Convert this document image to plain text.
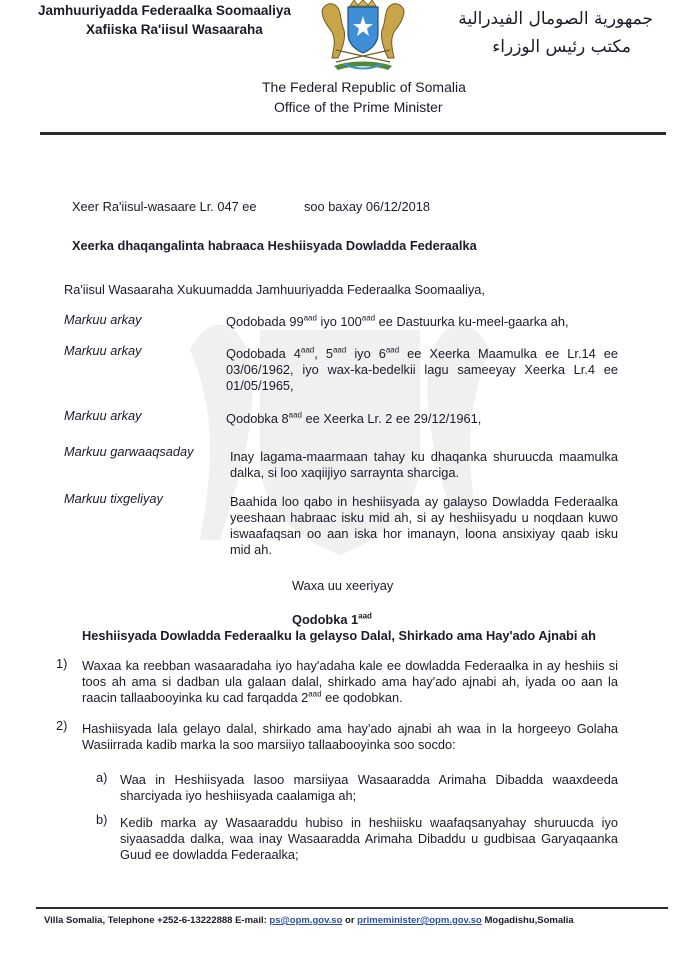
Jamhuuriyadda Federaalka Soomaaliya
Xafiiska Ra'iisul Wasaaraha
جمهورية الصومال الفيدرالية
مكتب رئيس الوزراء
The Federal Republic of Somalia
Office of the Prime Minister
Xeer Ra'iisul-wasaare Lr. 047 ee	soo baxay 06/12/2018
Xeerka dhaqangalinta habraaca Heshiisyada Dowladda Federaalka
Ra'iisul Wasaaraha Xukuumadda Jamhuuriyadda Federaalka Soomaaliya,
Markuu arkay	Qodobada $99^{aad}$ iyo $100^{aad}$ ee Dastuurka ku-meel-gaarka ah,
Markuu arkay	Qodobada $4^{aad}$, $5^{aad}$ iyo $6^{aad}$ ee Xeerka Maamulka ee Lr.14 ee 03/06/1962, iyo wax-ka-bedelkii lagu sameeyay Xeerka Lr.4 ee 01/05/1965,
Markuu arkay	Qodobka $8^{aad}$ ee Xeerka Lr. 2 ee 29/12/1961,
Markuu garwaaqsaday	Inay lagama-maarmaan tahay ku dhaqanka shuruucda maamulka dalka, si loo xaqiijiyo sarraynta sharciga.
Markuu tixgeliyay	Baahida loo qabo in heshiisyada ay galayso Dowladda Federaalka yeeshaan habraac isku mid ah, si ay heshiisyadu u noqdaan kuwo iswaafaqsan oo aan iska hor imanayn, loona ansixiyay qaab isku mid ah.
Waxa uu xeeriyay
Qodobka $1^{aad}$
Heshiisyada Dowladda Federaalku la gelayso Dalal, Shirkado ama Hay'ado Ajnabi ah
1) Waxaa ka reebban wasaaradaha iyo hay'adaha kale ee dowladda Federaalka in ay heshiis si toos ah ama si dadban ula galaan dalal, shirkado ama hay'ado ajnabi ah, iyada oo aan la raacin tallaabooyinka ku cad farqadda $2^{aad}$ ee qodobkan.
2) Hashiisyada lala gelayo dalal, shirkado ama hay'ado ajnabi ah waa in la horgeeyo Golaha Wasiirrada kadib marka la soo marsiiyo tallaabooyinka soo socdo:
a) Waa in Heshiisyada lasoo marsiiyaa Wasaaradda Arimaha Dibadda waaxdeeda sharciyada iyo heshiisyada caalamiga ah;
b) Kedib marka ay Wasaaraddu hubiso in heshiisku waafaqsanyahay shuruucda iyo siyaasadda dalka, waa inay Wasaaradda Arimaha Dibaddu u gudbisaa Garyaqaanka Guud ee dowladda Federaalka;
Villa Somalia, Telephone +252-6-13222888 E-mail: ps@opm.gov.so or primeminister@opm.gov.so Mogadishu,Somalia
